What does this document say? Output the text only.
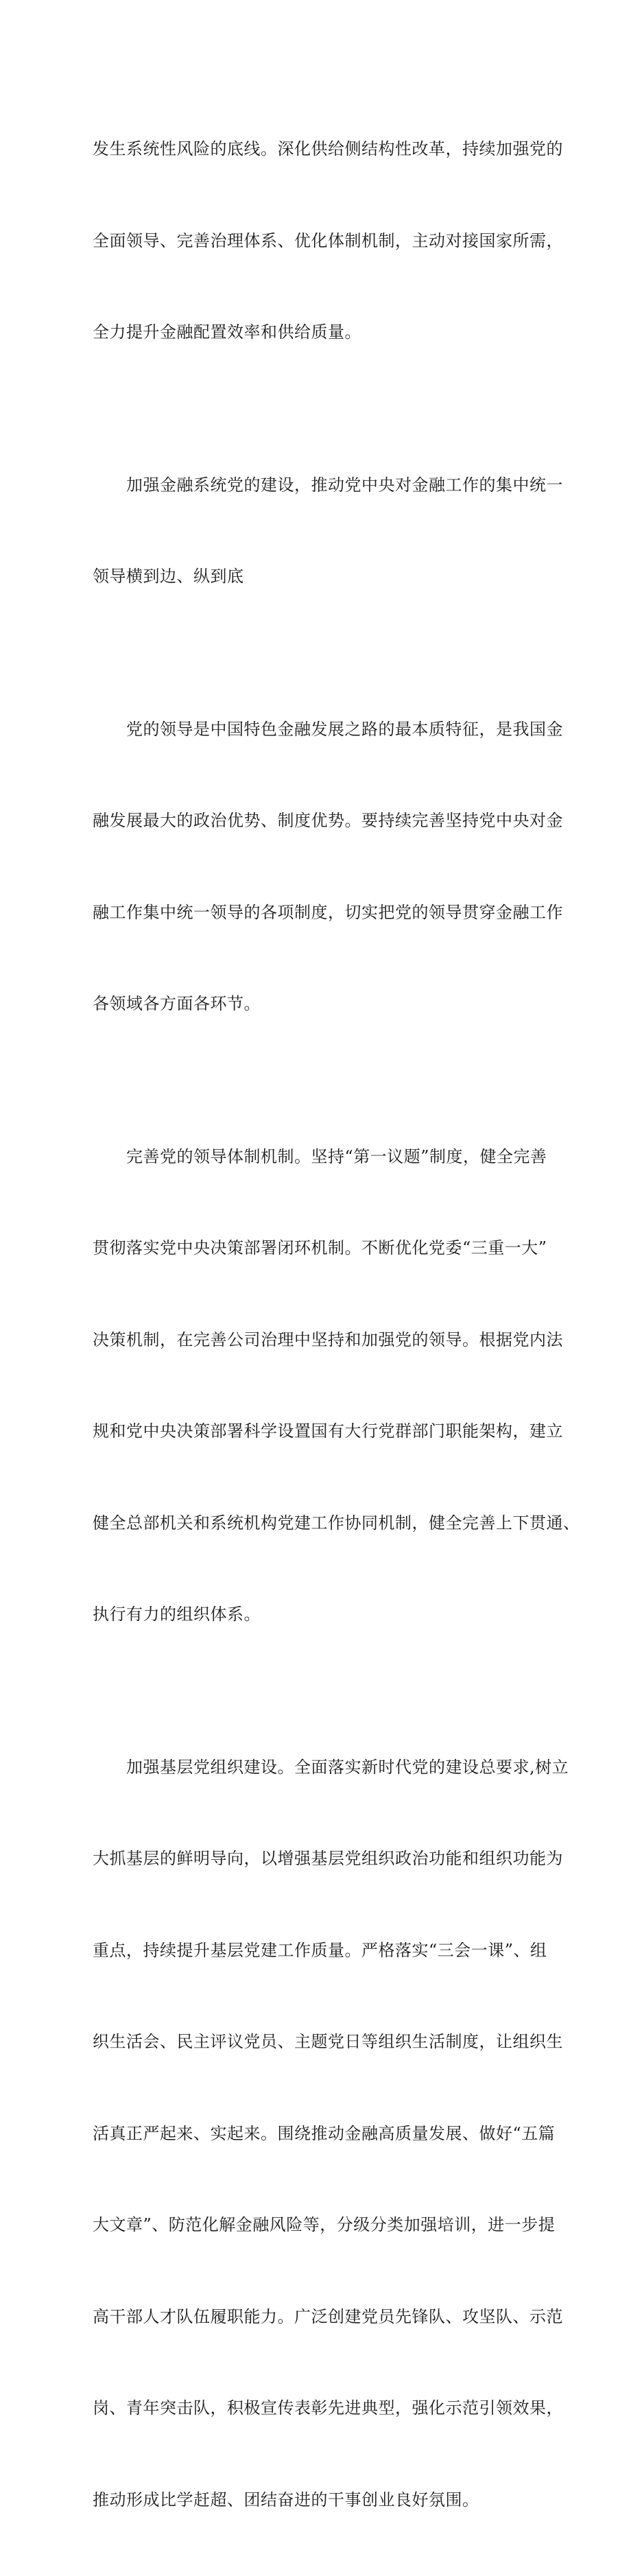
发生系统性风险的底线。深化供给侧结构性改革，持续加强党的

全面领导、完善治理体系、优化体制机制，主动对接国家所需，

全力提升金融配置效率和供给质量。

　　加强金融系统党的建设，推动党中央对金融工作的集中统一

领导横到边、纵到底

　　党的领导是中国特色金融发展之路的最本质特征，是我国金

融发展最大的政治优势、制度优势。要持续完善坚持党中央对金

融工作集中统一领导的各项制度，切实把党的领导贯穿金融工作

各领域各方面各环节。

　　完善党的领导体制机制。坚持“第一议题”制度，健全完善

贯彻落实党中央决策部署闭环机制。不断优化党委“三重一大”

决策机制，在完善公司治理中坚持和加强党的领导。根据党内法

规和党中央决策部署科学设置国有大行党群部门职能架构，建立

健全总部机关和系统机构党建工作协同机制，健全完善上下贯通、

执行有力的组织体系。

　　加强基层党组织建设。全面落实新时代党的建设总要求,树立

大抓基层的鲜明导向，以增强基层党组织政治功能和组织功能为

重点，持续提升基层党建工作质量。严格落实“三会一课”、组

织生活会、民主评议党员、主题党日等组织生活制度，让组织生

活真正严起来、实起来。围绕推动金融高质量发展、做好“五篇

大文章”、防范化解金融风险等，分级分类加强培训，进一步提

高干部人才队伍履职能力。广泛创建党员先锋队、攻坚队、示范

岗、青年突击队，积极宣传表彰先进典型，强化示范引领效果，

推动形成比学赶超、团结奋进的干事创业良好氛围。
